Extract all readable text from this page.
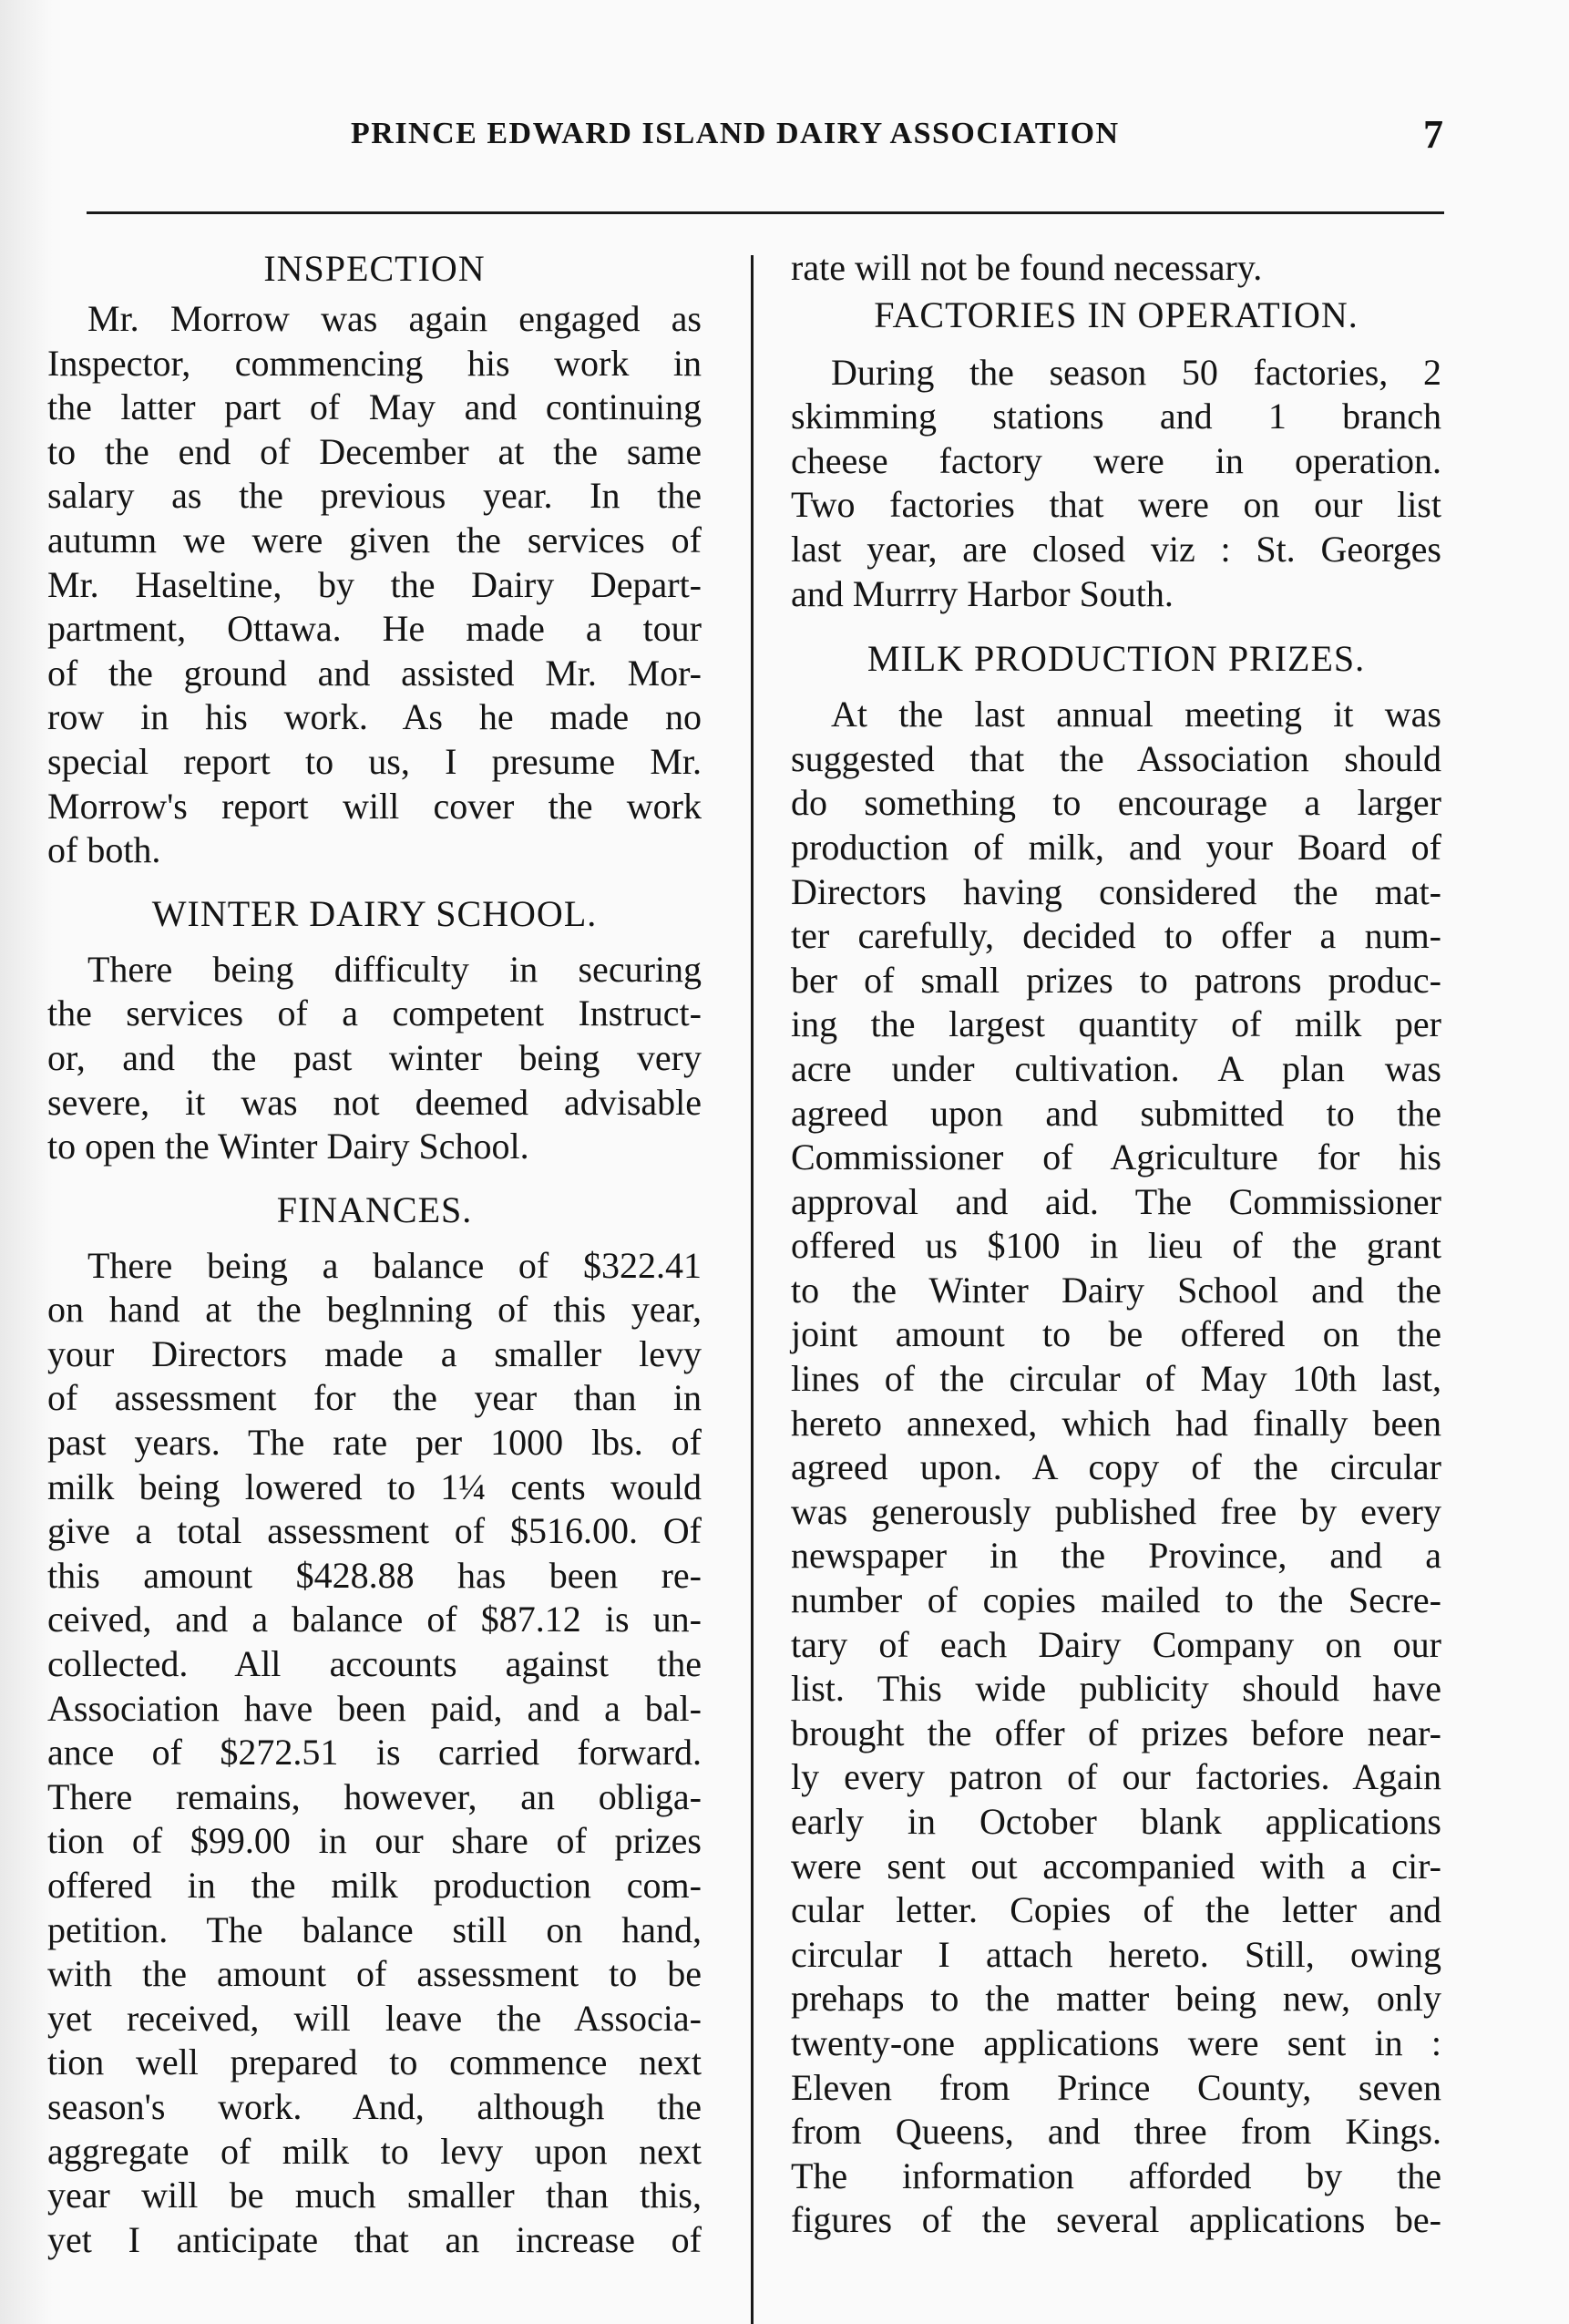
PRINCE EDWARD ISLAND DAIRY ASSOCIATION	7
INSPECTION
Mr. Morrow was again engaged as
Inspector, commencing his work in
the latter part of May and continuing
to the end of December at the same
salary as the previous year. In the
autumn we were given the services of
Mr. Haseltine, by the Dairy Depart-
partment, Ottawa. He made a tour
of the ground and assisted Mr. Mor-
row in his work. As he made no
special report to us, I presume Mr.
Morrow's report will cover the work
of both.
WINTER DAIRY SCHOOL.
There being difficulty in securing
the services of a competent Instruct-
or, and the past winter being very
severe, it was not deemed advisable
to open the Winter Dairy School.
FINANCES.
There being a balance of $322.41
on hand at the beglnning of this year,
your Directors made a smaller levy
of assessment for the year than in
past years. The rate per 1000 lbs. of
milk being lowered to 1¼ cents would
give a total assessment of $516.00. Of
this amount $428.88 has been re-
ceived, and a balance of $87.12 is un-
collected. All accounts against the
Association have been paid, and a bal-
ance of $272.51 is carried forward.
There remains, however, an obliga-
tion of $99.00 in our share of prizes
offered in the milk production com-
petition. The balance still on hand,
with the amount of assessment to be
yet received, will leave the Associa-
tion well prepared to commence next
season's work. And, although the
aggregate of milk to levy upon next
year will be much smaller than this,
yet I anticipate that an increase of
rate will not be found necessary.
FACTORIES IN OPERATION.
During the season 50 factories, 2
skimming stations and 1 branch
cheese factory were in operation.
Two factories that were on our list
last year, are closed viz : St. Georges
and Murrry Harbor South.
MILK PRODUCTION PRIZES.
At the last annual meeting it was
suggested that the Association should
do something to encourage a larger
production of milk, and your Board of
Directors having considered the mat-
ter carefully, decided to offer a num-
ber of small prizes to patrons produc-
ing the largest quantity of milk per
acre under cultivation. A plan was
agreed upon and submitted to the
Commissioner of Agriculture for his
approval and aid. The Commissioner
offered us $100 in lieu of the grant
to the Winter Dairy School and the
joint amount to be offered on the
lines of the circular of May 10th last,
hereto annexed, which had finally been
agreed upon. A copy of the circular
was generously published free by every
newspaper in the Province, and a
number of copies mailed to the Secre-
tary of each Dairy Company on our
list. This wide publicity should have
brought the offer of prizes before near-
ly every patron of our factories. Again
early in October blank applications
were sent out accompanied with a cir-
cular letter. Copies of the letter and
circular I attach hereto. Still, owing
prehaps to the matter being new, only
twenty-one applications were sent in :
Eleven from Prince County, seven
from Queens, and three from Kings.
The information afforded by the
figures of the several applications be-
